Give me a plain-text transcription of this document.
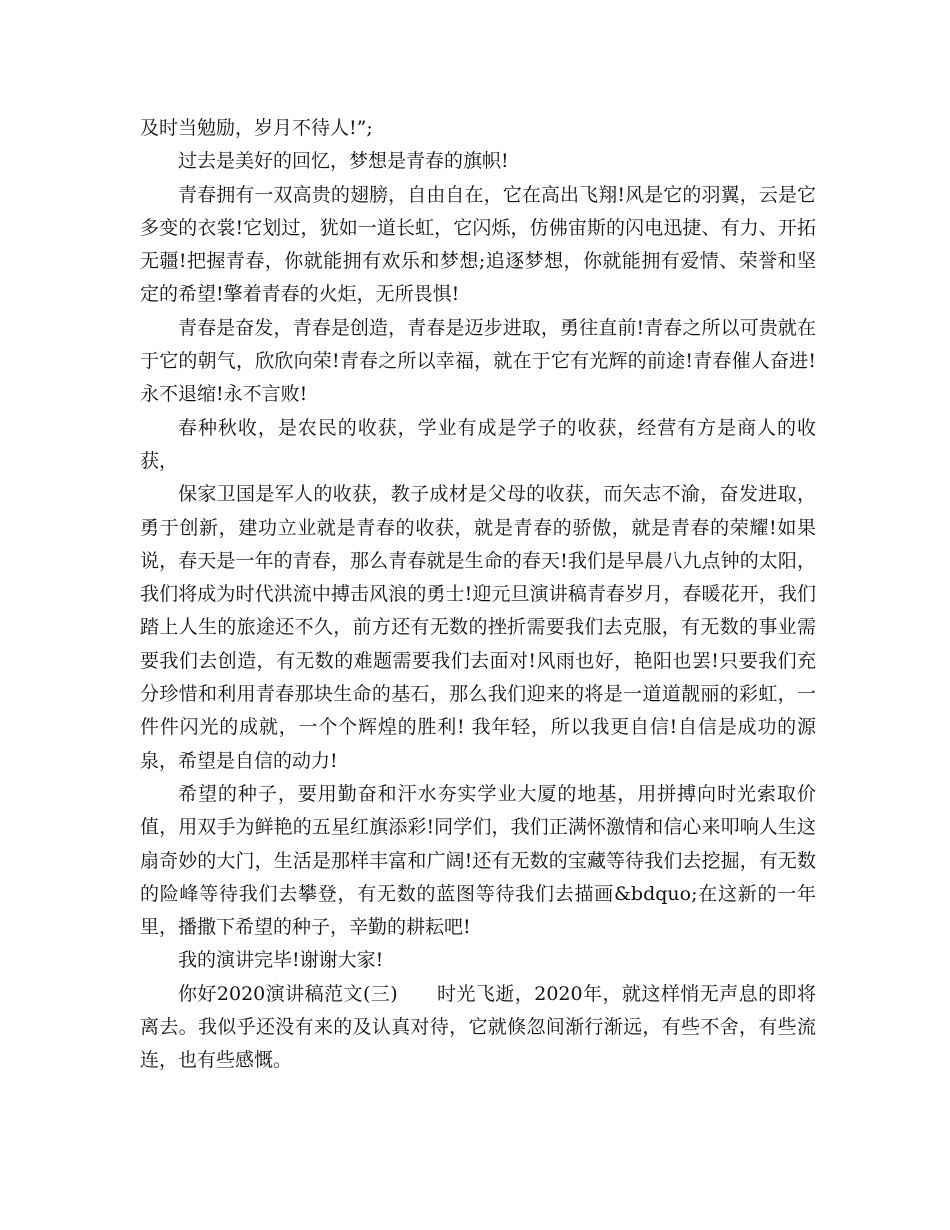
及时当勉励，岁月不待人!”;

过去是美好的回忆，梦想是青春的旗帜!

青春拥有一双高贵的翅膀，自由自在，它在高出飞翔!风是它的羽翼，云是它多变的衣裳!它划过，犹如一道长虹，它闪烁，仿佛宙斯的闪电迅捷、有力、开拓无疆!把握青春，你就能拥有欢乐和梦想;追逐梦想，你就能拥有爱情、荣誉和坚定的希望!擎着青春的火炬，无所畏惧!

青春是奋发，青春是创造，青春是迈步进取，勇往直前!青春之所以可贵就在于它的朝气，欣欣向荣!青春之所以幸福，就在于它有光辉的前途!青春催人奋进!永不退缩!永不言败!

春种秋收，是农民的收获，学业有成是学子的收获，经营有方是商人的收获，

保家卫国是军人的收获，教子成材是父母的收获，而矢志不渝，奋发进取，勇于创新，建功立业就是青春的收获，就是青春的骄傲，就是青春的荣耀!如果说，春天是一年的青春，那么青春就是生命的春天!我们是早晨八九点钟的太阳，我们将成为时代洪流中搏击风浪的勇士!迎元旦演讲稿青春岁月，春暖花开，我们踏上人生的旅途还不久，前方还有无数的挫折需要我们去克服，有无数的事业需要我们去创造，有无数的难题需要我们去面对!风雨也好，艳阳也罢!只要我们充分珍惜和利用青春那块生命的基石，那么我们迎来的将是一道道靓丽的彩虹，一件件闪光的成就，一个个辉煌的胜利! 我年轻，所以我更自信!自信是成功的源泉，希望是自信的动力!

希望的种子，要用勤奋和汗水夯实学业大厦的地基，用拼搏向时光索取价值，用双手为鲜艳的五星红旗添彩!同学们，我们正满怀激情和信心来叩响人生这扇奇妙的大门，生活是那样丰富和广阔!还有无数的宝藏等待我们去挖掘，有无数的险峰等待我们去攀登，有无数的蓝图等待我们去描画&bdquo;在这新的一年里，播撒下希望的种子，辛勤的耕耘吧!

我的演讲完毕!谢谢大家!

你好2020演讲稿范文(三)　　时光飞逝，2020年，就这样悄无声息的即将离去。我似乎还没有来的及认真对待，它就倏忽间渐行渐远，有些不舍，有些流连，也有些感慨。
